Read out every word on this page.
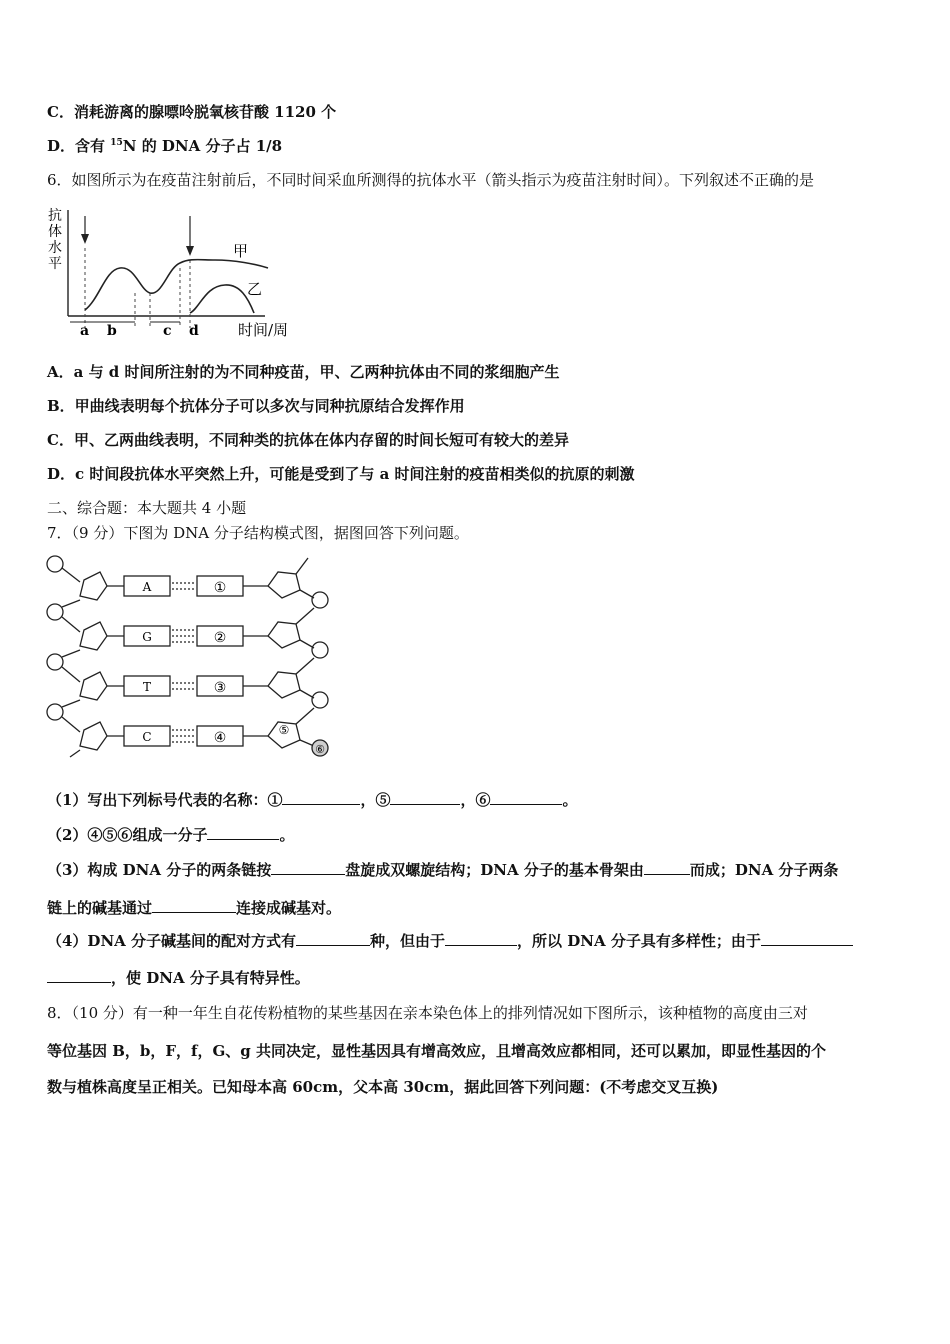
C．消耗游离的腺嘌呤脱氧核苷酸 1120 个
D．含有 $^{15}$N 的 DNA 分子占 1/8
6．如图所示为在疫苗注射前后，不同时间采血所测得的抗体水平（箭头指示为疫苗注射时间）。下列叙述不正确的是
抗
体
水
平
甲
乙
a b	c d	时间/周
A．a 与 d 时间所注射的为不同种疫苗，甲、乙两种抗体由不同的浆细胞产生
B．甲曲线表明每个抗体分子可以多次与同种抗原结合发挥作用
C．甲、乙两曲线表明，不同种类的抗体在体内存留的时间长短可有较大的差异
D．c 时间段抗体水平突然上升，可能是受到了与 a 时间注射的疫苗相类似的抗原的刺激
二、综合题：本大题共 4 小题
7．（9 分）下图为 DNA 分子结构模式图，据图回答下列问题。
A
G
T
C
①
②
③
④	⑤
⑥
（1）写出下列标号代表的名称：①	，⑤	，⑥	。
（2）④⑤⑥组成一分子	。
（3）构成 DNA 分子的两条链按	盘旋成双螺旋结构；DNA 分子的基本骨架由	而成；DNA 分子两条
链上的碱基通过	连接成碱基对。
（4）DNA 分子碱基间的配对方式有	种，但由于	，所以 DNA 分子具有多样性；由于
，使 DNA 分子具有特异性。
8．（10 分）有一种一年生自花传粉植物的某些基因在亲本染色体上的排列情况如下图所示，该种植物的高度由三对
等位基因 B，b，F，f，G、g 共同决定，显性基因具有增高效应，且增高效应都相同，还可以累加，即显性基因的个
数与植株高度呈正相关。已知母本高 60cm，父本高 30cm，据此回答下列问题：(不考虑交叉互换)
